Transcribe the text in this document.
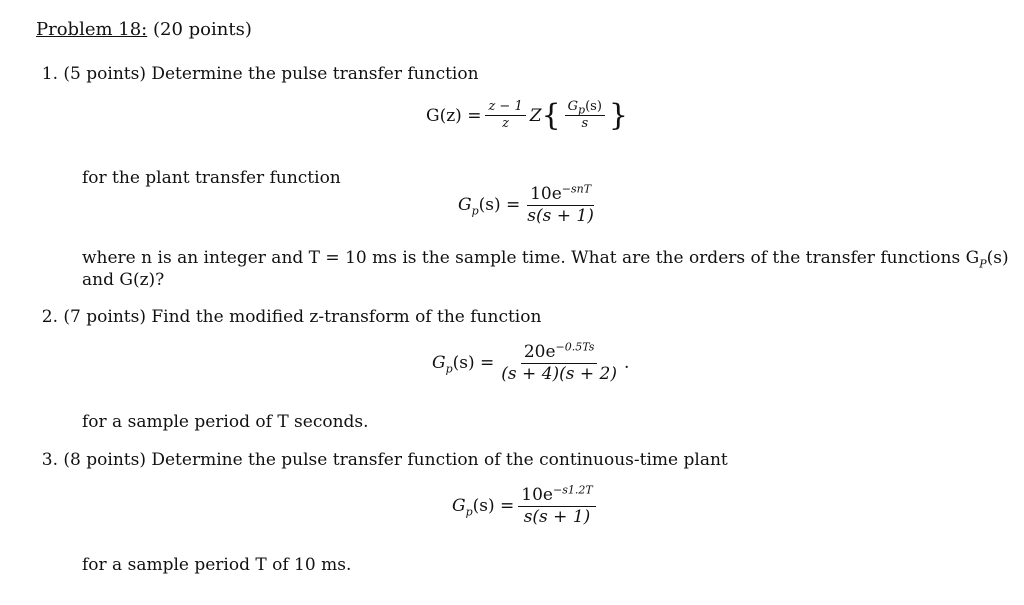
Problem 18: (20 points)
1. (5 points) Determine the pulse transfer function
$G(z) = \frac{z - 1}{z}$ Z { $\frac{G_p(s)}{s}$ }
for the plant transfer function
$G_p(s) = \frac{10e^{-snT}}{s(s + 1)}$
where n is an integer and T = 10 ms is the sample time. What are the orders of the transfer functions $G_P(s)$
and G(z)?
2. (7 points) Find the modified z-transform of the function
$G_p(s) = \frac{20e^{-0.5Ts}}{(s + 4)(s + 2)}$ .
for a sample period of T seconds.
3. (8 points) Determine the pulse transfer function of the continuous-time plant
$G_p(s) = \frac{10e^{-s1.2T}}{s(s + 1)}$
for a sample period T of 10 ms.
